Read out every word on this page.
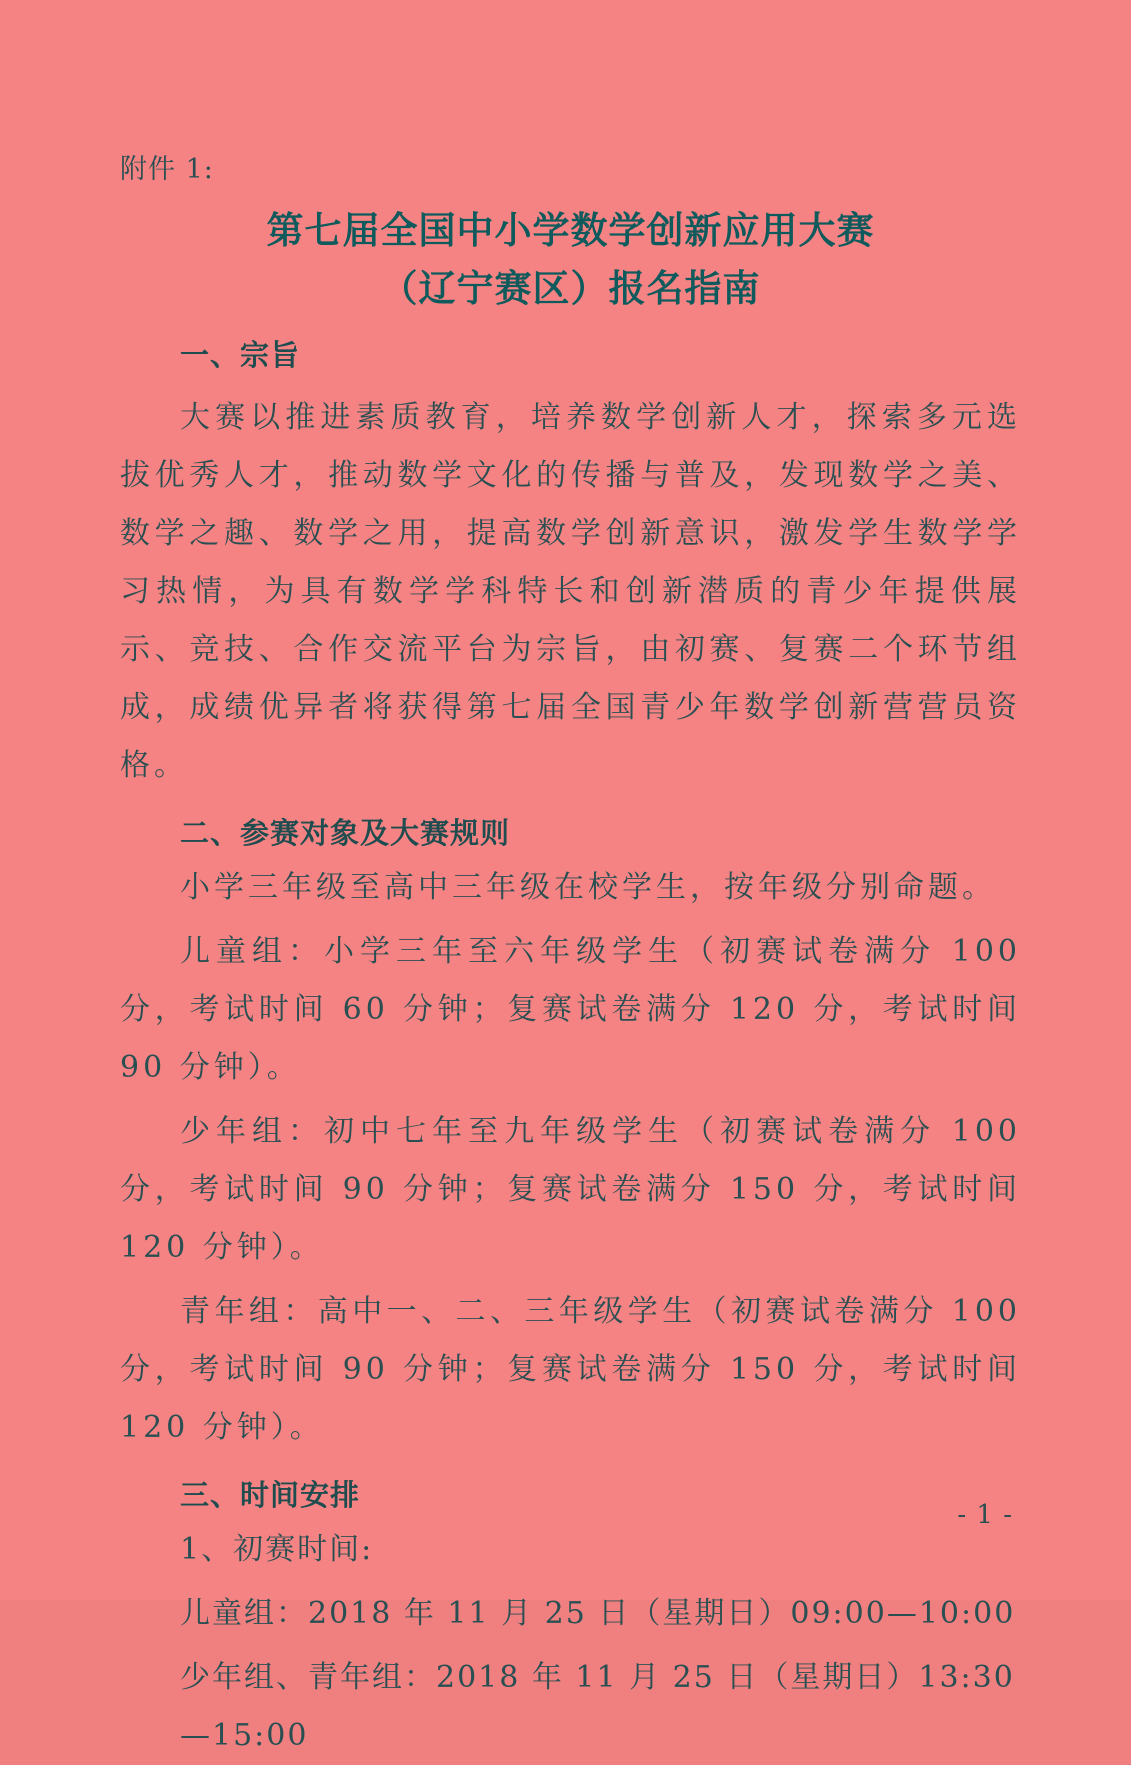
附件 1:
第七届全国中小学数学创新应用大赛
（辽宁赛区）报名指南
一、宗旨

大赛以推进素质教育，培养数学创新人才，探索多元选拔优秀人才，推动数学文化的传播与普及，发现数学之美、数学之趣、数学之用，提高数学创新意识，激发学生数学学习热情，为具有数学学科特长和创新潜质的青少年提供展示、竞技、合作交流平台为宗旨，由初赛、复赛二个环节组成，成绩优异者将获得第七届全国青少年数学创新营营员资格。

二、参赛对象及大赛规则

小学三年级至高中三年级在校学生，按年级分别命题。

儿童组：小学三年至六年级学生（初赛试卷满分 100 分，考试时间 60 分钟；复赛试卷满分 120 分，考试时间 90 分钟）。

少年组：初中七年至九年级学生（初赛试卷满分 100 分，考试时间 90 分钟；复赛试卷满分 150 分，考试时间 120 分钟）。

青年组：高中一、二、三年级学生（初赛试卷满分 100 分，考试时间 90 分钟；复赛试卷满分 150 分，考试时间 120 分钟）。

三、时间安排
1、初赛时间:
儿童组：2018 年 11 月 25 日（星期日）09:00—10:00
少年组、青年组：2018 年 11 月 25 日（星期日）13:30—15:00
- 1 -
